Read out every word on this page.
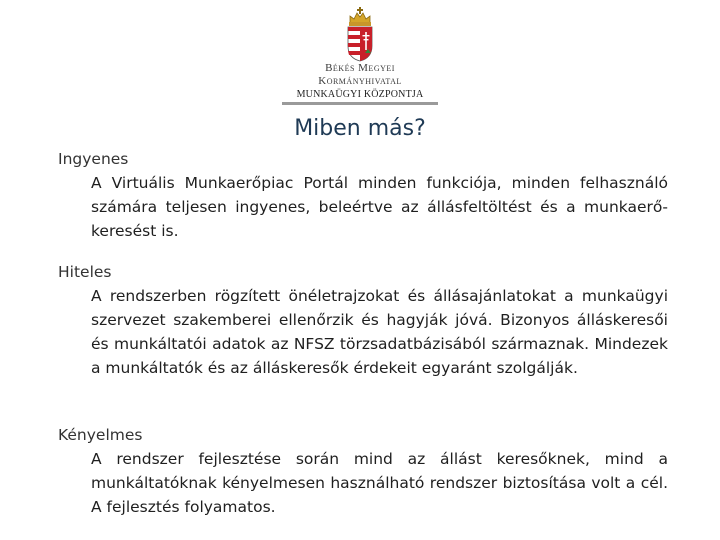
Békés Megyei
Kormányhivatal
MUNKAÜGYI KÖZPONTJA
Miben más?
Ingyenes
A Virtuális Munkaerőpiac Portál minden funkciója, minden felhasználó számára teljesen ingyenes, beleértve az állásfeltöltést és a munkaerő-keresést is.
Hiteles
A rendszerben rögzített önéletrajzokat és állásajánlatokat a munkaügyi szervezet szakemberei ellenőrzik és hagyják jóvá. Bizonyos álláskeresői és munkáltatói adatok az NFSZ törzsadatbázisából származnak. Mindezek a munkáltatók és az álláskeresők érdekeit egyaránt szolgálják.
Kényelmes
A rendszer fejlesztése során mind az állást keresőknek, mind a munkáltatóknak kényelmesen használható rendszer biztosítása volt a cél. A fejlesztés folyamatos.
